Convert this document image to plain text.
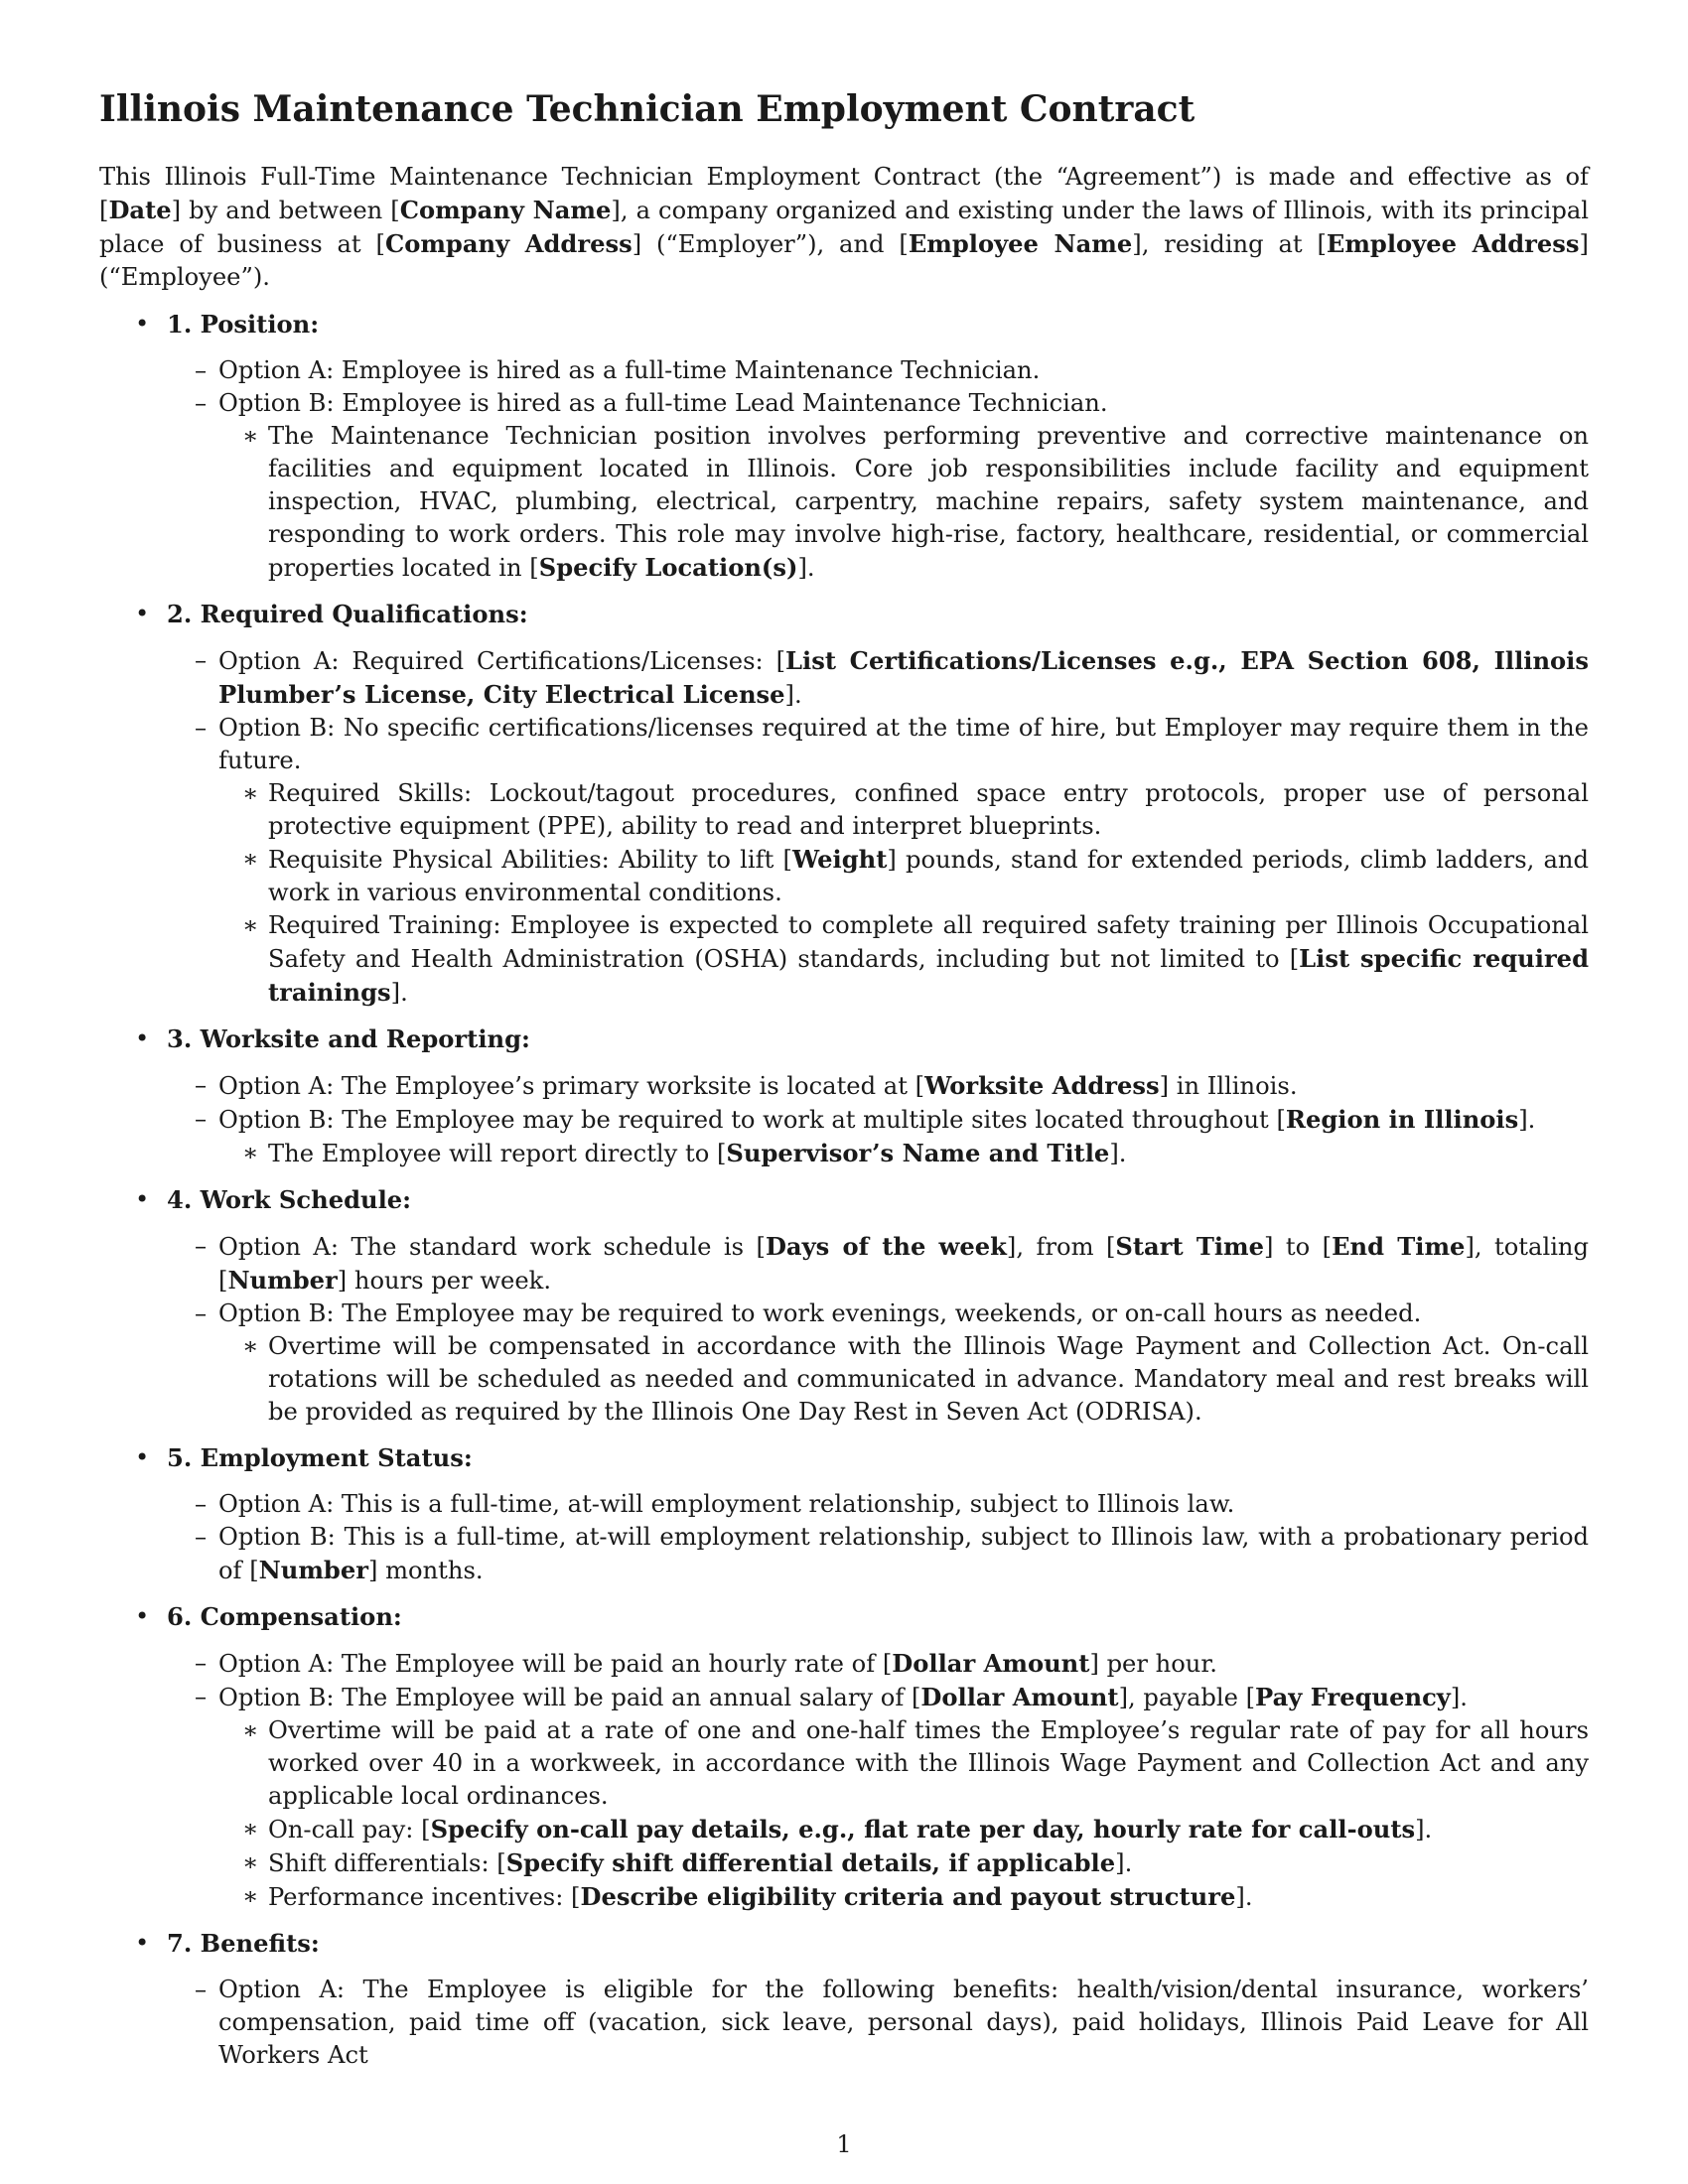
Illinois Maintenance Technician Employment Contract

This Illinois Full-Time Maintenance Technician Employment Contract (the “Agreement”) is made and effective as of [Date] by and between [Company Name], a company organized and existing under the laws of Illinois, with its principal place of business at [Company Address] (“Employer”), and [Employee Name], residing at [Employee Address] (“Employee”).

• 1. Position:
– Option A: Employee is hired as a full-time Maintenance Technician.
– Option B: Employee is hired as a full-time Lead Maintenance Technician.
∗ The Maintenance Technician position involves performing preventive and corrective maintenance on facilities and equipment located in Illinois. Core job responsibilities include facility and equipment inspection, HVAC, plumbing, electrical, carpentry, machine repairs, safety system maintenance, and responding to work orders. This role may involve high-rise, factory, healthcare, residential, or commercial properties located in [Specify Location(s)].
• 2. Required Qualifications:
– Option A: Required Certifications/Licenses: [List Certifications/Licenses e.g., EPA Section 608, Illinois Plumber’s License, City Electrical License].
– Option B: No specific certifications/licenses required at the time of hire, but Employer may require them in the future.
∗ Required Skills: Lockout/tagout procedures, confined space entry protocols, proper use of personal protective equipment (PPE), ability to read and interpret blueprints.
∗ Requisite Physical Abilities: Ability to lift [Weight] pounds, stand for extended periods, climb ladders, and work in various environmental conditions.
∗ Required Training: Employee is expected to complete all required safety training per Illinois Occupational Safety and Health Administration (OSHA) standards, including but not limited to [List specific required trainings].
• 3. Worksite and Reporting:
– Option A: The Employee’s primary worksite is located at [Worksite Address] in Illinois.
– Option B: The Employee may be required to work at multiple sites located throughout [Region in Illinois].
∗ The Employee will report directly to [Supervisor’s Name and Title].
• 4. Work Schedule:
– Option A: The standard work schedule is [Days of the week], from [Start Time] to [End Time], totaling [Number] hours per week.
– Option B: The Employee may be required to work evenings, weekends, or on-call hours as needed.
∗ Overtime will be compensated in accordance with the Illinois Wage Payment and Collection Act. On-call rotations will be scheduled as needed and communicated in advance. Mandatory meal and rest breaks will be provided as required by the Illinois One Day Rest in Seven Act (ODRISA).
• 5. Employment Status:
– Option A: This is a full-time, at-will employment relationship, subject to Illinois law.
– Option B: This is a full-time, at-will employment relationship, subject to Illinois law, with a probationary period of [Number] months.
• 6. Compensation:
– Option A: The Employee will be paid an hourly rate of [Dollar Amount] per hour.
– Option B: The Employee will be paid an annual salary of [Dollar Amount], payable [Pay Frequency].
∗ Overtime will be paid at a rate of one and one-half times the Employee’s regular rate of pay for all hours worked over 40 in a workweek, in accordance with the Illinois Wage Payment and Collection Act and any applicable local ordinances.
∗ On-call pay: [Specify on-call pay details, e.g., flat rate per day, hourly rate for call-outs].
∗ Shift differentials: [Specify shift differential details, if applicable].
∗ Performance incentives: [Describe eligibility criteria and payout structure].
• 7. Benefits:
– Option A: The Employee is eligible for the following benefits: health/vision/dental insurance, workers’ compensation, paid time off (vacation, sick leave, personal days), paid holidays, Illinois Paid Leave for All Workers Act
1
